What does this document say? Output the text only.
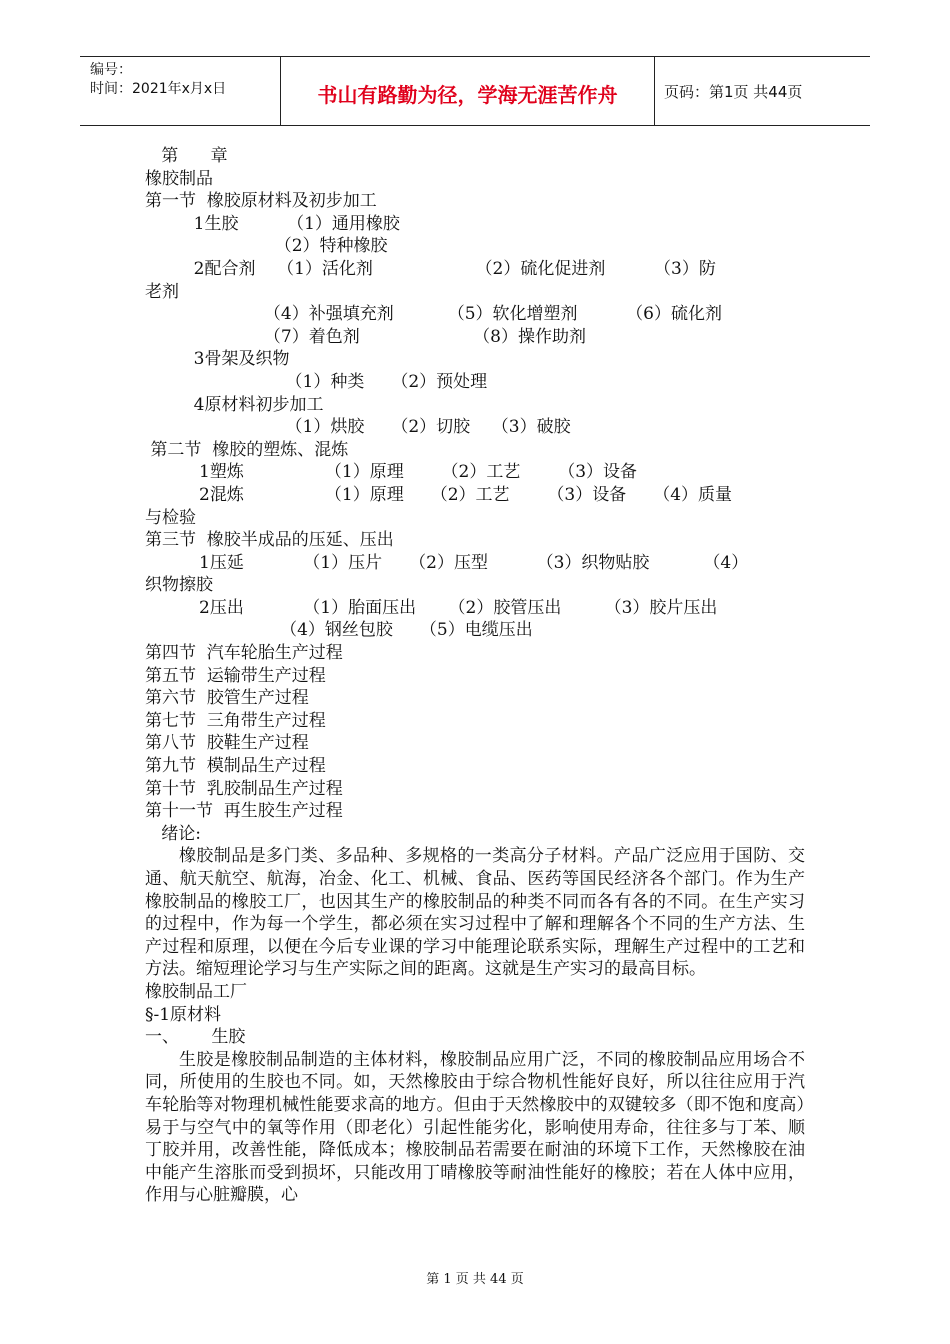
编号：
时间：2021年x月x日	书山有路勤为径，学海无涯苦作舟	页码：第1页 共44页
第      章
橡胶制品
第一节  橡胶原材料及初步加工
1生胶         （1）通用橡胶
（2）特种橡胶
2配合剂    （1）活化剂                   （2）硫化促进剂         （3）防
老剂
（4）补强填充剂          （5）软化增塑剂         （6）硫化剂
（7）着色剂                     （8）操作助剂
3骨架及织物
（1）种类     （2）预处理
4原材料初步加工
（1）烘胶     （2）切胶    （3）破胶
第二节  橡胶的塑炼、混炼
1塑炼               （1）原理       （2）工艺       （3）设备
2混炼               （1）原理     （2）工艺       （3）设备     （4）质量
与检验
第三节  橡胶半成品的压延、压出
1压延           （1）压片     （2）压型         （3）织物贴胶          （4）
织物擦胶
2压出           （1）胎面压出      （2）胶管压出        （3）胶片压出
（4）钢丝包胶     （5）电缆压出
第四节  汽车轮胎生产过程
第五节  运输带生产过程
第六节  胶管生产过程
第七节  三角带生产过程
第八节  胶鞋生产过程
第九节  模制品生产过程
第十节  乳胶制品生产过程
第十一节  再生胶生产过程
绪论:
橡胶制品是多门类、多品种、多规格的一类高分子材料。产品广泛应用于国防、交通、航天航空、航海，冶金、化工、机械、食品、医药等国民经济各个部门。作为生产橡胶制品的橡胶工厂，也因其生产的橡胶制品的种类不同而各有各的不同。在生产实习的过程中，作为每一个学生，都必须在实习过程中了解和理解各个不同的生产方法、生产过程和原理，以便在今后专业课的学习中能理论联系实际，理解生产过程中的工艺和方法。缩短理论学习与生产实际之间的距离。这就是生产实习的最高目标。
橡胶制品工厂
§-1原材料
一、      生胶
生胶是橡胶制品制造的主体材料，橡胶制品应用广泛，不同的橡胶制品应用场合不同，所使用的生胶也不同。如，天然橡胶由于综合物机性能好良好，所以往往应用于汽车轮胎等对物理机械性能要求高的地方。但由于天然橡胶中的双键较多（即不饱和度高）易于与空气中的氧等作用（即老化）引起性能劣化，影响使用寿命，往往多与丁苯、顺丁胶并用，改善性能，降低成本；橡胶制品若需要在耐油的环境下工作，天然橡胶在油中能产生溶胀而受到损坏，只能改用丁晴橡胶等耐油性能好的橡胶；若在人体中应用，作用与心脏瓣膜，心
第 1 页 共 44 页
